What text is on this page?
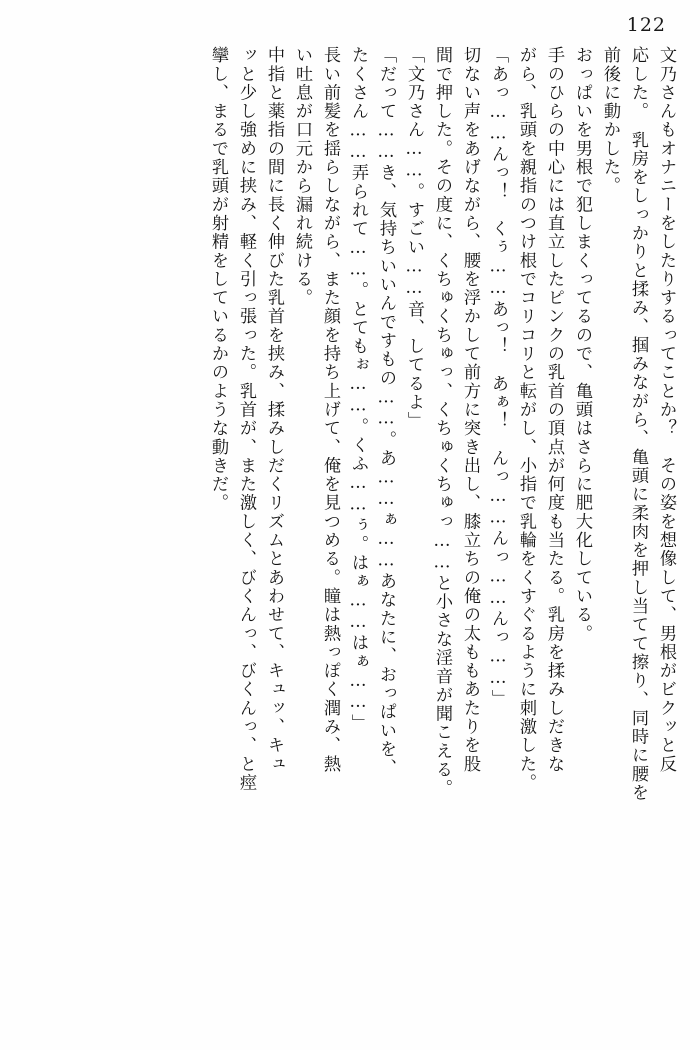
122
文乃さんもオナニーをしたりするってことか？　その姿を想像して、男根がビクッと反
応した。　乳房をしっかりと揉み、掴みながら、亀頭に柔肉を押し当てて擦り、同時に腰を
前後に動かした。
おっぱいを男根で犯しまくってるので、亀頭はさらに肥大化している。
手のひらの中心には直立したピンクの乳首の頂点が何度も当たる。乳房を揉みしだきな
がら、乳頭を親指のつけ根でコリコリと転がし、小指で乳輪をくすぐるように刺激した。
「あっ……んっ！　くぅ……あっ！　あぁ！　んっ……んっ……んっ……」
切ない声をあげながら、腰を浮かして前方に突き出し、膝立ちの俺の太ももあたりを股
間で押した。その度に、くちゅくちゅっ、くちゅくちゅっ……と小さな淫音が聞こえる。
「文乃さん……。すごい……音、してるよ」
「だって……き、気持ちいいんですもの……。あ……ぁ……あなたに、おっぱいを、
たくさん……弄られて……。とてもぉ……。くふ……ぅ。はぁ……はぁ……」
長い前髪を揺らしながら、また顔を持ち上げて、俺を見つめる。瞳は熱っぽく潤み、熱
い吐息が口元から漏れ続ける。
中指と薬指の間に長く伸びた乳首を挟み、揉みしだくリズムとあわせて、キュッ、キュ
ッと少し強めに挟み、軽く引っ張った。乳首が、また激しく、びくんっ、びくんっ、と痙
攣し、まるで乳頭が射精をしているかのような動きだ。
